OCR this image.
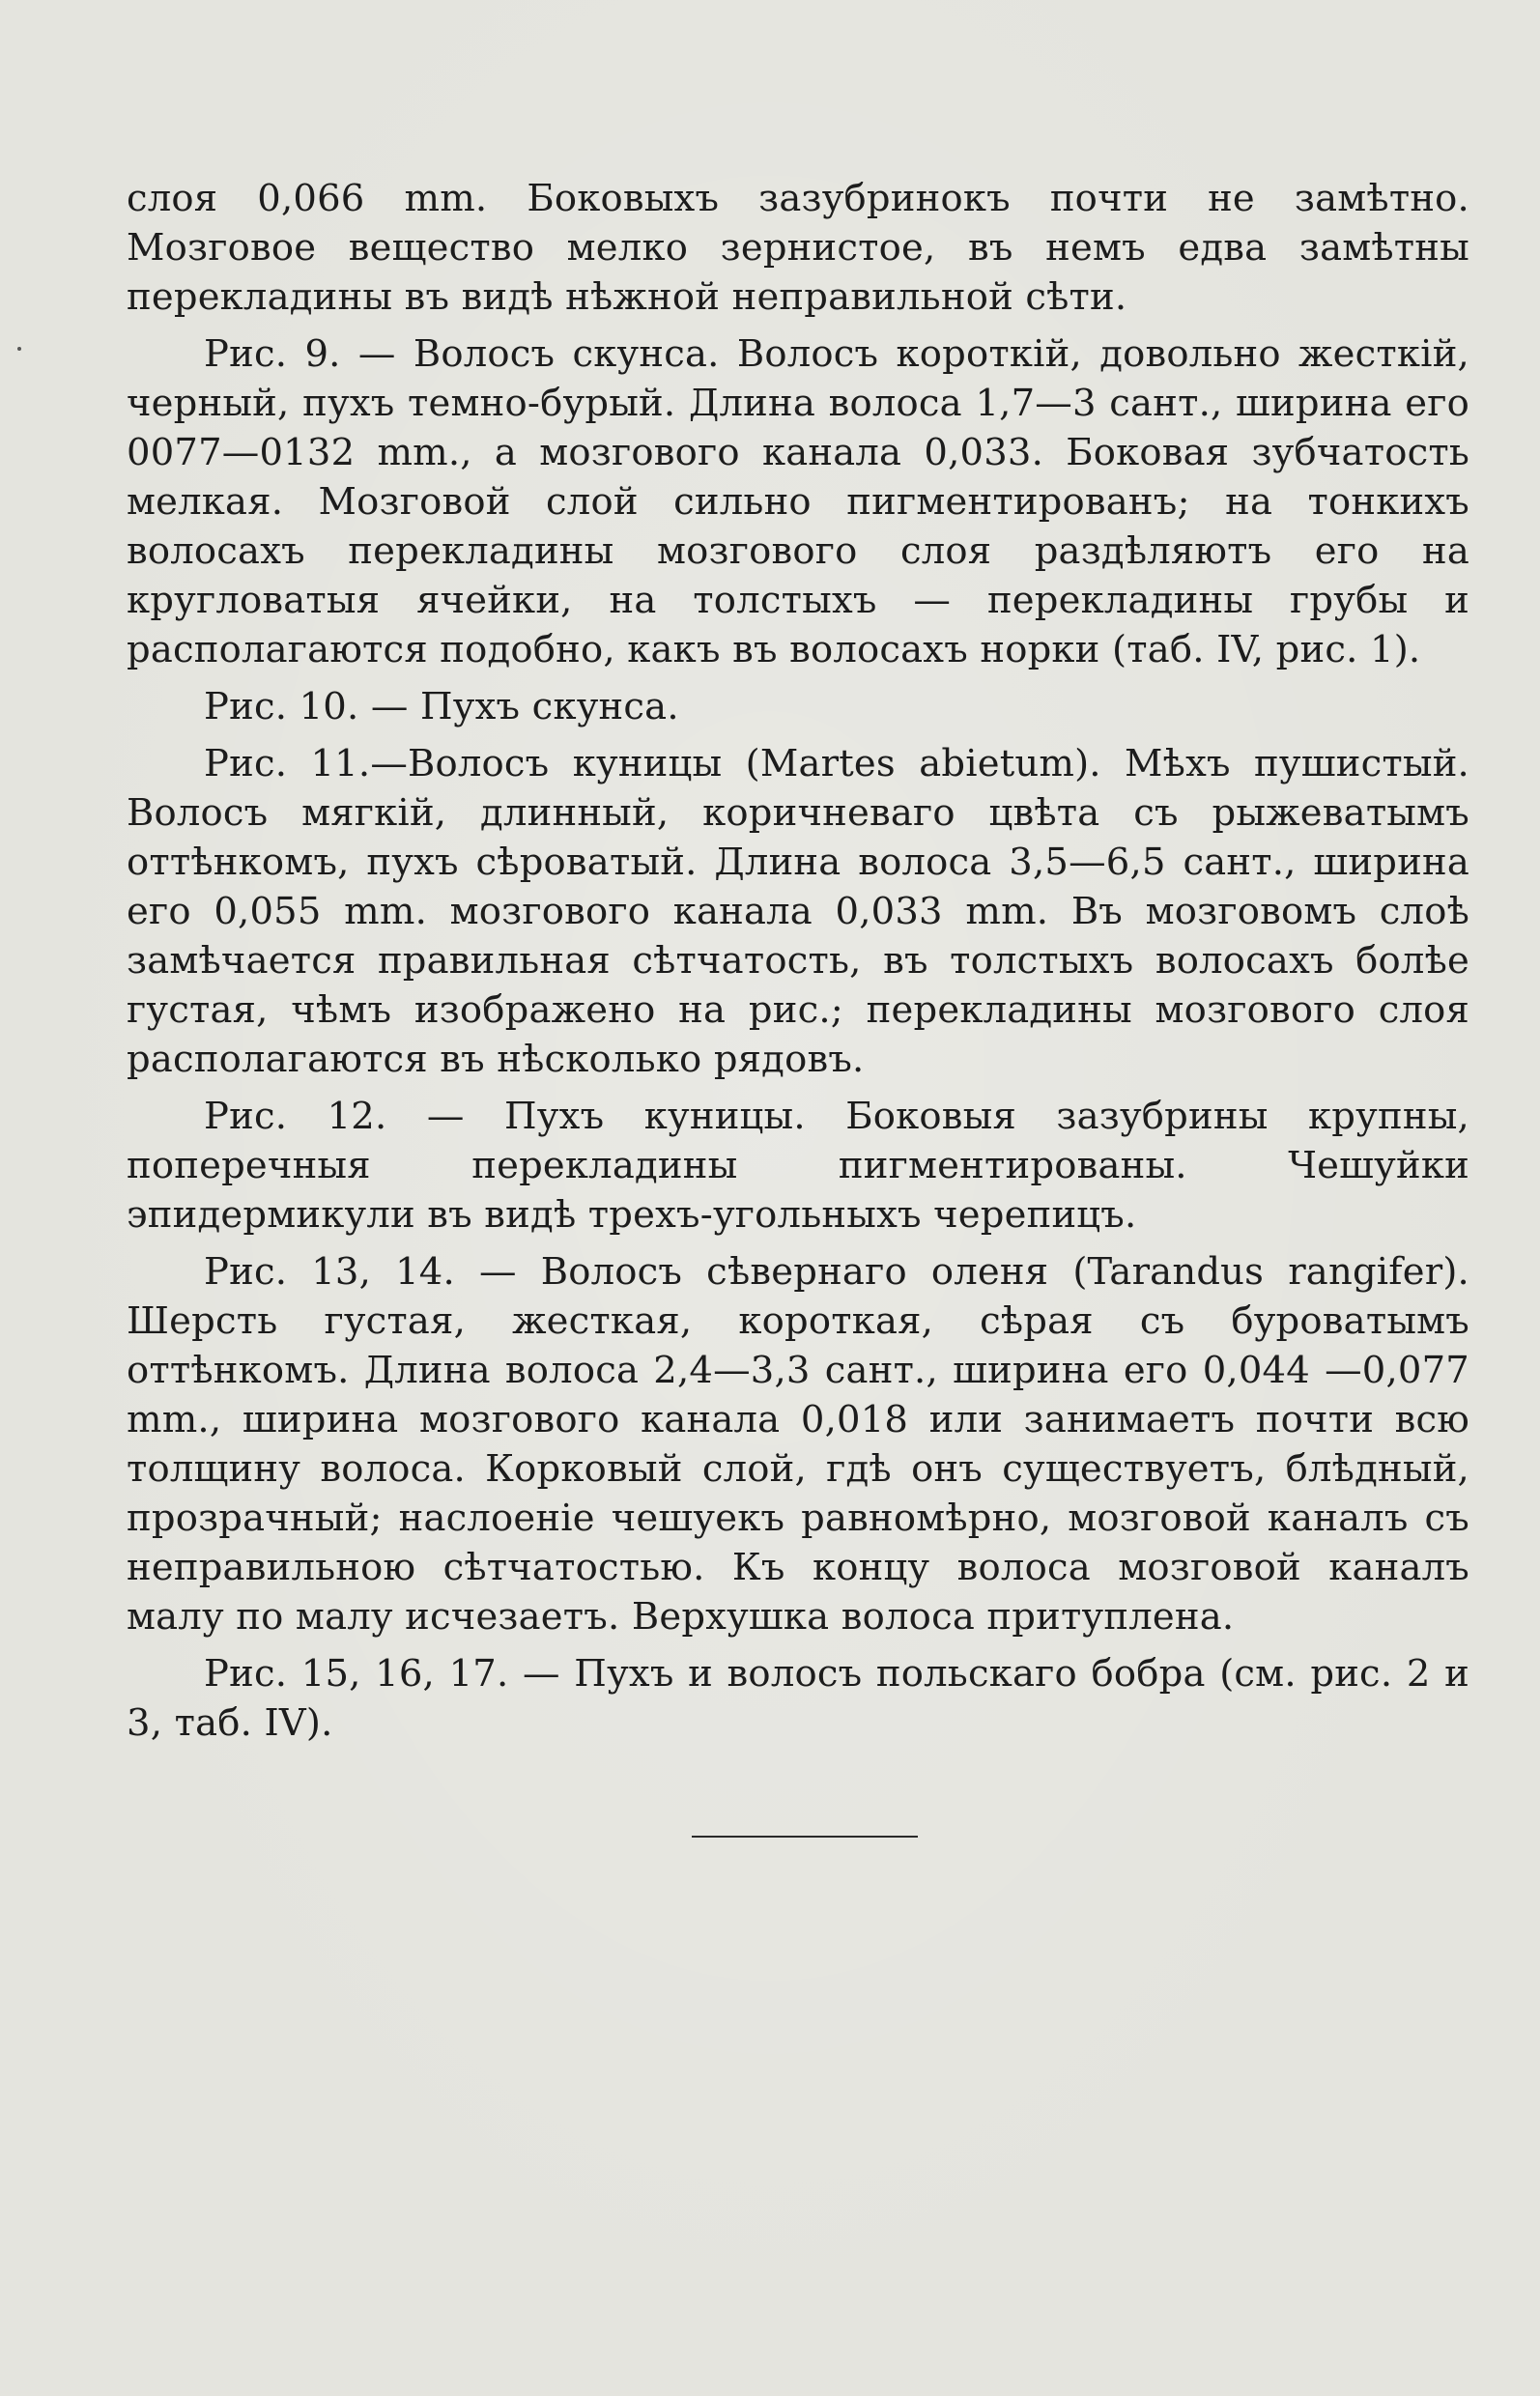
слоя 0,066 mm. Боковыхъ зазубринокъ почти не замѣтно. Мозговое вещество мелко зернистое, въ немъ едва замѣтны перекладины въ видѣ нѣжной неправильной сѣти.

Рис. 9. — Волосъ скунса. Волосъ короткій, довольно жесткій, черный, пухъ темно-бурый. Длина волоса 1,7—3 сант., ширина его 0077—0132 mm., а мозгового канала 0,033. Боковая зубчатость мелкая. Мозговой слой сильно пигментированъ; на тонкихъ волосахъ перекладины мозгового слоя раздѣляютъ его на кругловатыя ячейки, на толстыхъ — перекладины грубы и располагаются подобно, какъ въ волосахъ норки (таб. IV, рис. 1).

Рис. 10. — Пухъ скунса.

Рис. 11.—Волосъ куницы (Martes abietum). Мѣхъ пушистый. Волосъ мягкій, длинный, коричневаго цвѣта съ рыжеватымъ оттѣнкомъ, пухъ сѣроватый. Длина волоса 3,5—6,5 сант., ширина его 0,055 mm. мозгового канала 0,033 mm. Въ мозговомъ слоѣ замѣчается правильная сѣтчатость, въ толстыхъ волосахъ болѣе густая, чѣмъ изображено на рис.; перекладины мозгового слоя располагаются въ нѣсколько рядовъ.

Рис. 12. — Пухъ куницы. Боковыя зазубрины крупны, поперечныя перекладины пигментированы. Чешуйки эпидермикули въ видѣ трехъ-угольныхъ черепицъ.

Рис. 13, 14. — Волосъ сѣвернаго оленя (Tarandus rangifer). Шерсть густая, жесткая, короткая, сѣрая съ буроватымъ оттѣнкомъ. Длина волоса 2,4—3,3 сант., ширина его 0,044 —0,077 mm., ширина мозгового канала 0,018 или занимаетъ почти всю толщину волоса. Корковый слой, гдѣ онъ существуетъ, блѣдный, прозрачный; наслоеніе чешуекъ равномѣрно, мозговой каналъ съ неправильною сѣтчатостью. Къ концу волоса мозговой каналъ малу по малу исчезаетъ. Верхушка волоса притуплена.

Рис. 15, 16, 17. — Пухъ и волосъ польскаго бобра (см. рис. 2 и 3, таб. IV).
